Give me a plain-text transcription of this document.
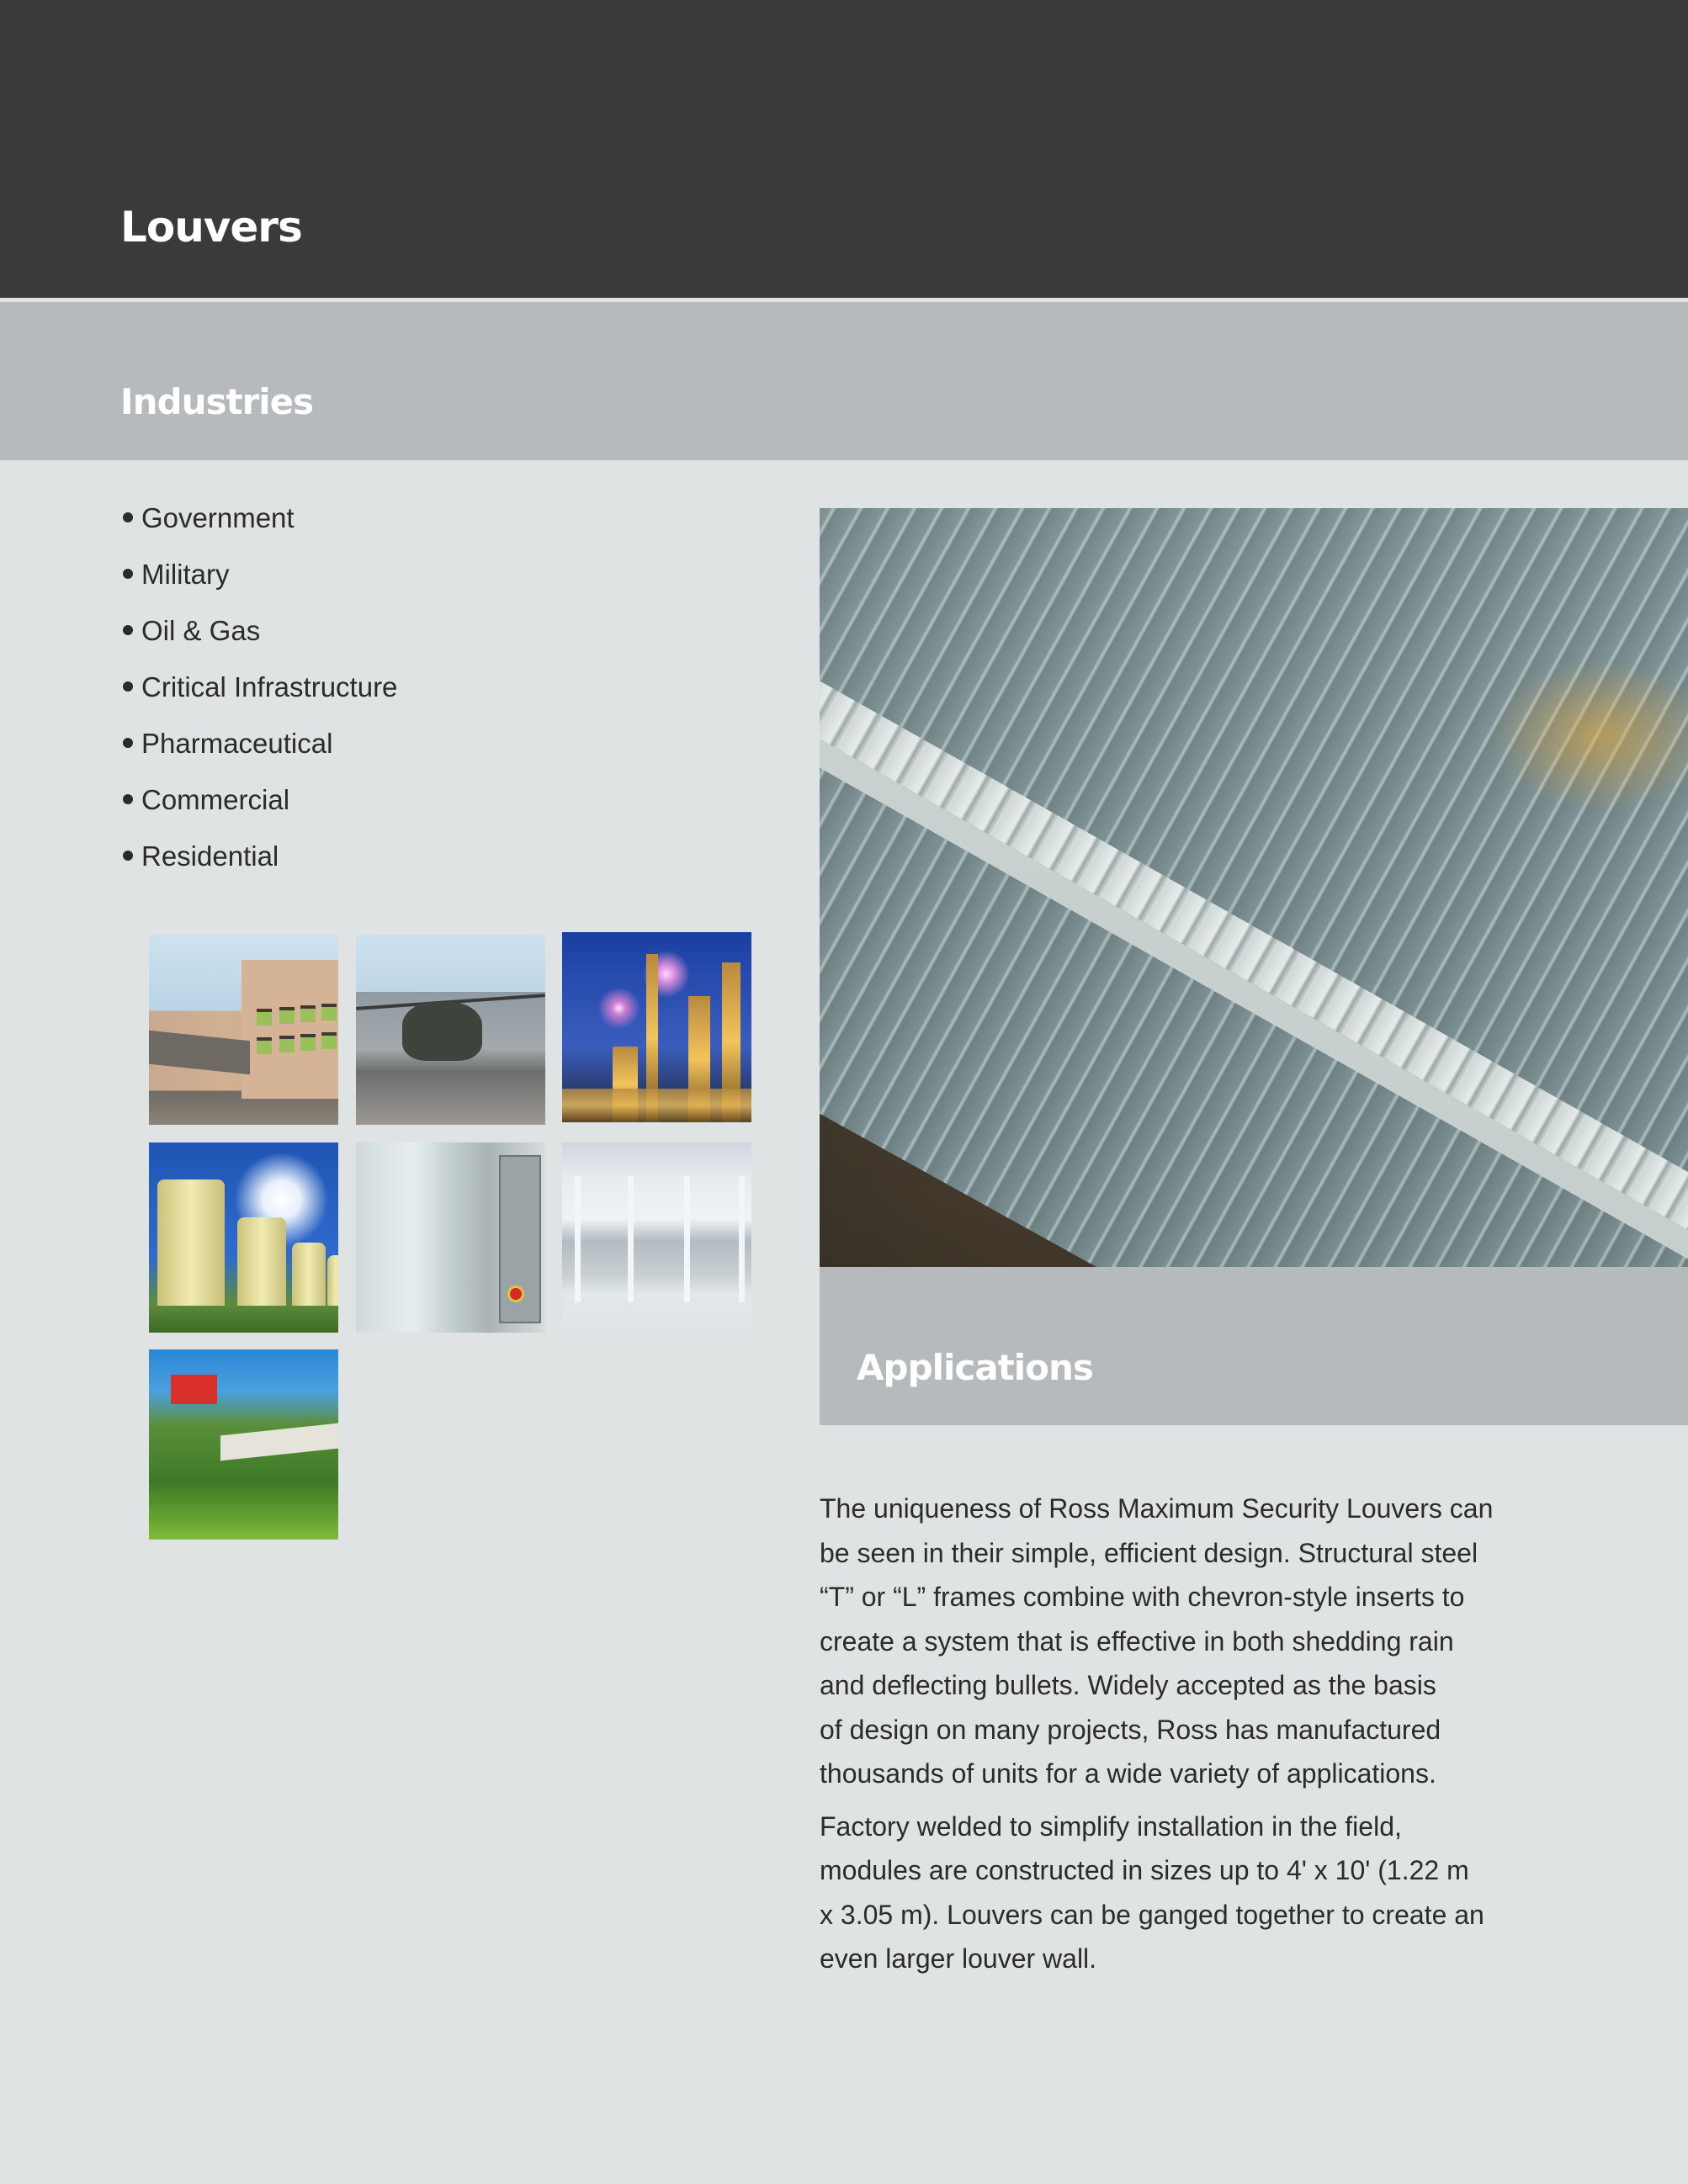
Louvers
Industries
Government
Military
Oil & Gas
Critical Infrastructure
Pharmaceutical
Commercial
Residential
Applications

The uniqueness of Ross Maximum Security Louvers can
be seen in their simple, efficient design. Structural steel
“T” or “L” frames combine with chevron-style inserts to
create a system that is effective in both shedding rain
and deflecting bullets. Widely accepted as the basis
of design on many projects, Ross has manufactured
thousands of units for a wide variety of applications.

Factory welded to simplify installation in the field,
modules are constructed in sizes up to 4' x 10' (1.22 m
x 3.05 m). Louvers can be ganged together to create an
even larger louver wall.
